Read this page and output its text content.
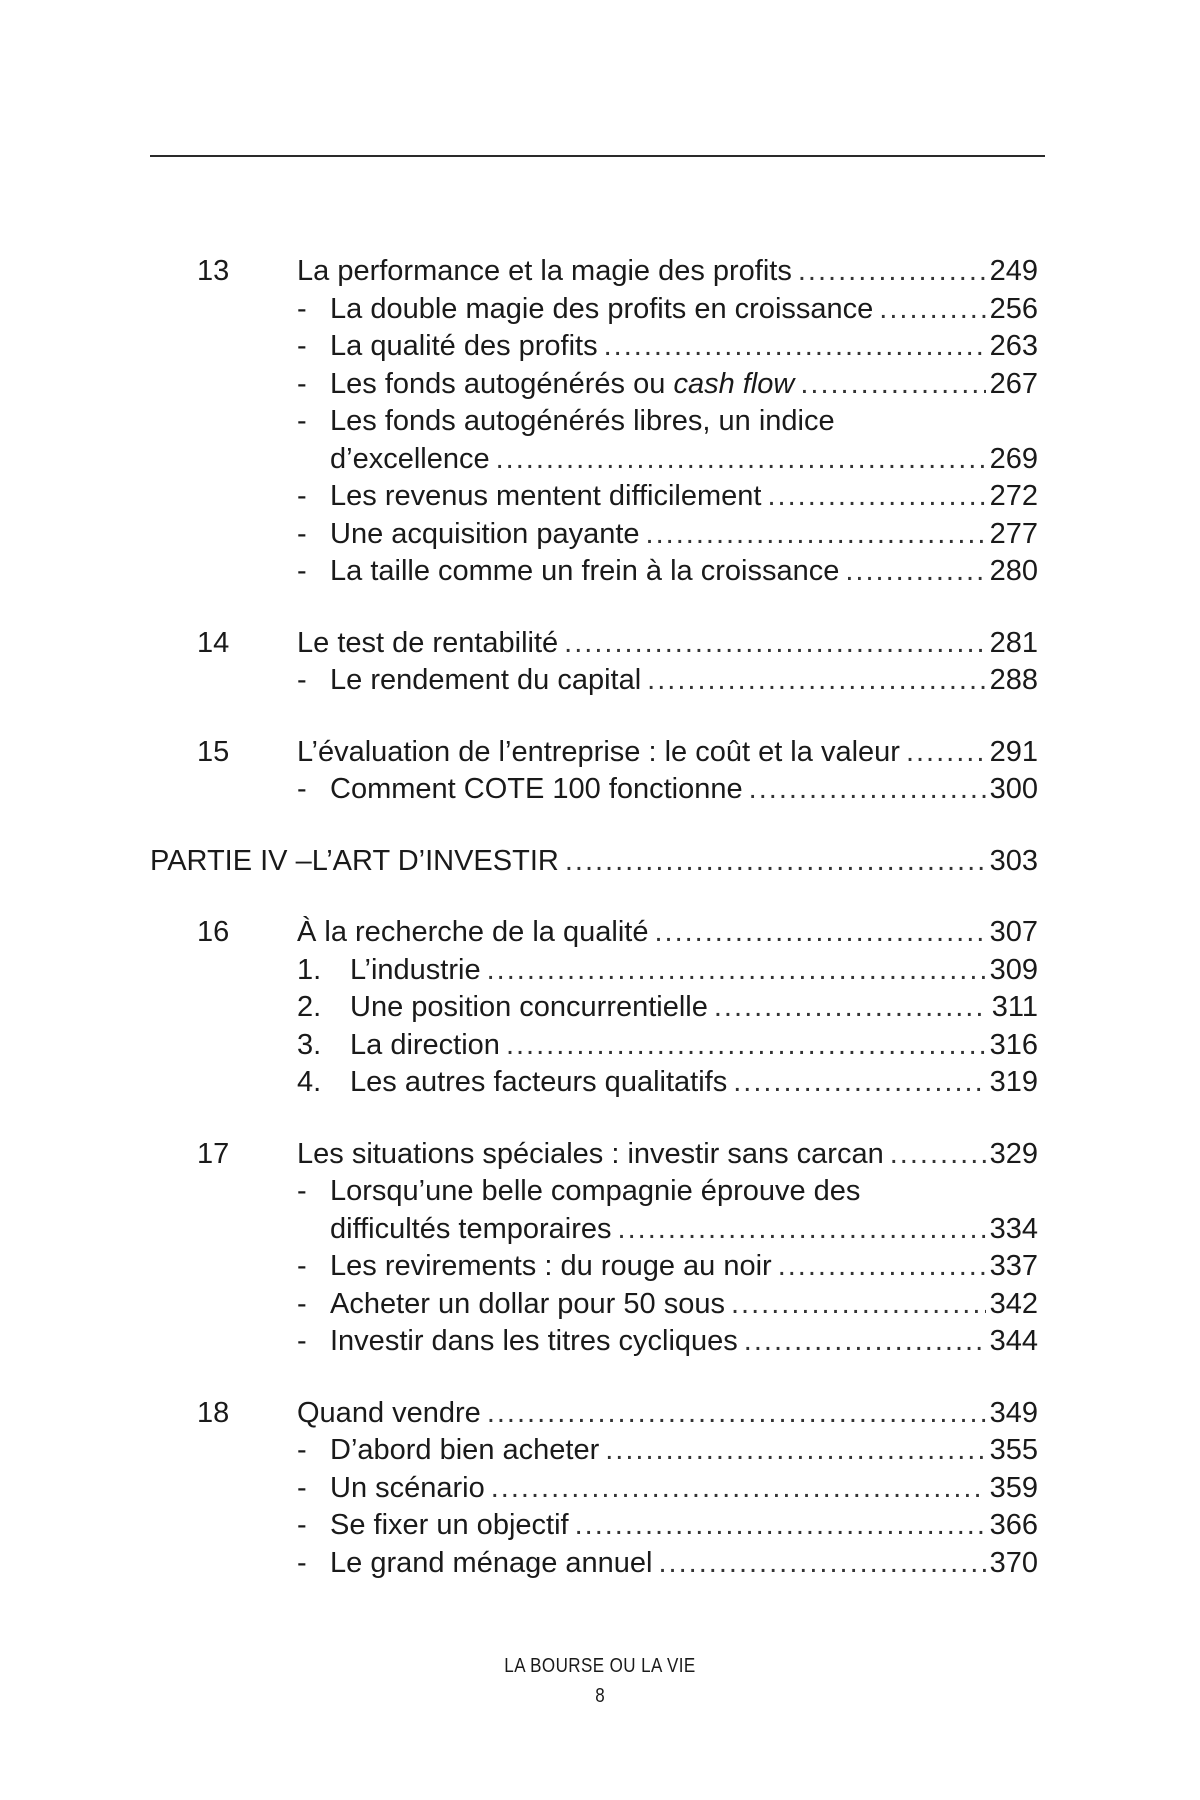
13 La performance et la magie des profits .....	249
- La double magie des profits en croissance .....	256
- La qualité des profits .....	263
- Les fonds autogénérés ou cash flow .....	267
- Les fonds autogénérés libres, un indice
d’excellence .....	269
- Les revenus mentent difficilement .....	272
- Une acquisition payante .....	277
- La taille comme un frein à la croissance .....	280
14 Le test de rentabilité .....	281
- Le rendement du capital .....	288
15 L’évaluation de l’entreprise : le coût et la valeur .....	291
- Comment COTE 100 fonctionne .....	300
PARTIE IV –L’ART D’INVESTIR .....	303
16 À la recherche de la qualité .....	307
1. L’industrie .....	309
2. Une position concurrentielle .....	311
3. La direction .....	316
4. Les autres facteurs qualitatifs .....	319
17 Les situations spéciales : investir sans carcan .....	329
- Lorsqu’une belle compagnie éprouve des
difficultés temporaires .....	334
- Les revirements : du rouge au noir .....	337
- Acheter un dollar pour 50 sous .....	342
- Investir dans les titres cycliques .....	344
18 Quand vendre .....	349
- D’abord bien acheter .....	355
- Un scénario .....	359
- Se fixer un objectif .....	366
- Le grand ménage annuel .....	370
LA BOURSE OU LA VIE
8
